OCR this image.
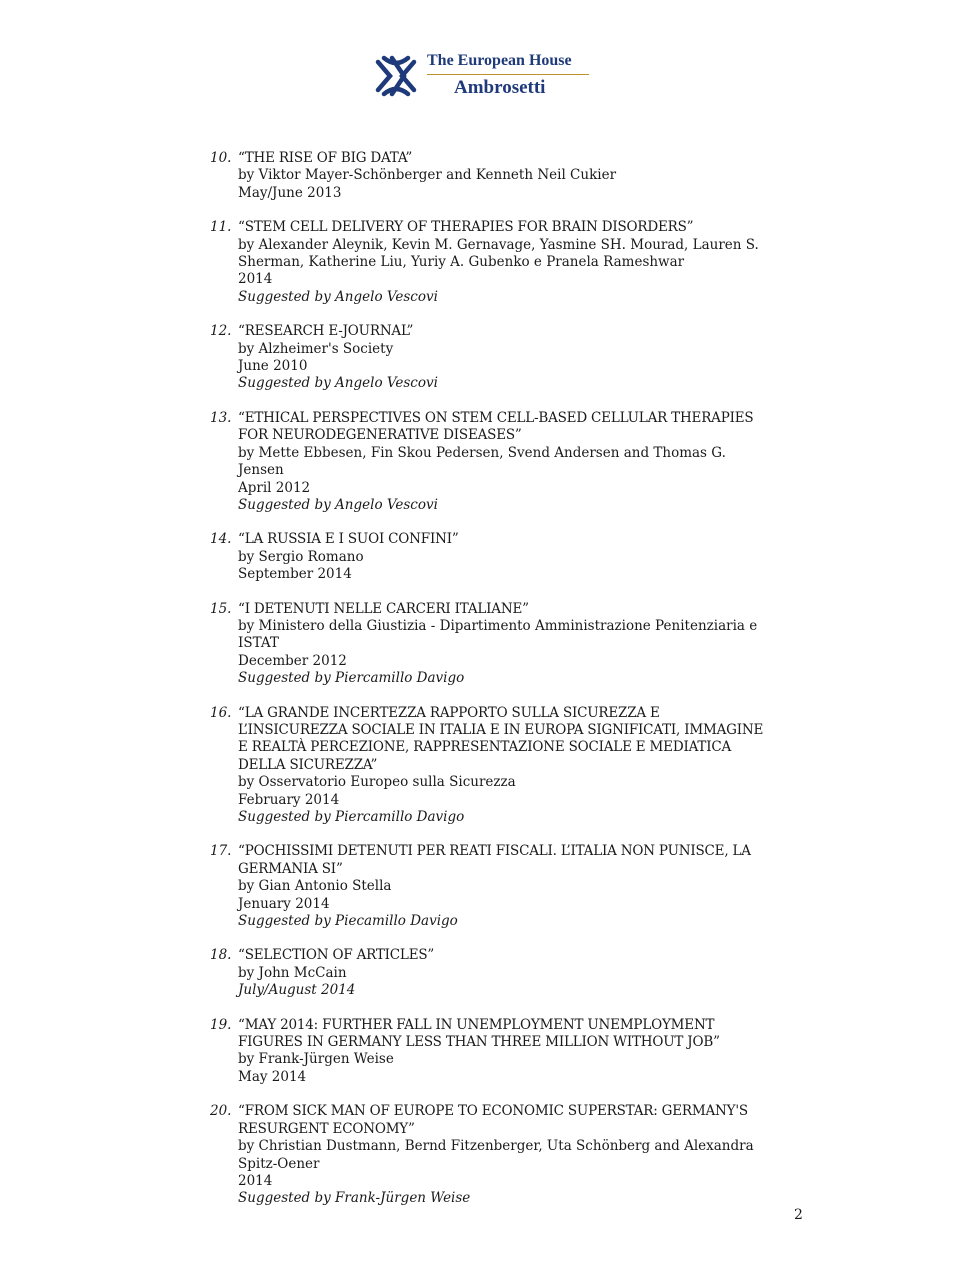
The European House
Ambrosetti
10. “THE RISE OF BIG DATA”
by Viktor Mayer-Schönberger and Kenneth Neil Cukier
May/June 2013
11. “STEM CELL DELIVERY OF THERAPIES FOR BRAIN DISORDERS”
by Alexander Aleynik, Kevin M. Gernavage, Yasmine SH. Mourad, Lauren S. Sherman, Katherine Liu, Yuriy A. Gubenko e Pranela Rameshwar
2014
Suggested by Angelo Vescovi
12. “RESEARCH E-JOURNAL”
by Alzheimer's Society
June 2010
Suggested by Angelo Vescovi
13. “ETHICAL PERSPECTIVES ON STEM CELL-BASED CELLULAR THERAPIES FOR NEURODEGENERATIVE DISEASES”
by Mette Ebbesen, Fin Skou Pedersen, Svend Andersen and Thomas G. Jensen
April 2012
Suggested by Angelo Vescovi
14. “LA RUSSIA E I SUOI CONFINI”
by Sergio Romano
September 2014
15. “I DETENUTI NELLE CARCERI ITALIANE”
by Ministero della Giustizia - Dipartimento Amministrazione Penitenziaria e ISTAT
December 2012
Suggested by Piercamillo Davigo
16. “LA GRANDE INCERTEZZA RAPPORTO SULLA SICUREZZA E L’INSICUREZZA SOCIALE IN ITALIA E IN EUROPA SIGNIFICATI, IMMAGINE E REALTÀ PERCEZIONE, RAPPRESENTAZIONE SOCIALE E MEDIATICA DELLA SICUREZZA”
by Osservatorio Europeo sulla Sicurezza
February 2014
Suggested by Piercamillo Davigo
17. “POCHISSIMI DETENUTI PER REATI FISCALI. L’ITALIA NON PUNISCE, LA GERMANIA SI”
by Gian Antonio Stella
Jenuary 2014
Suggested by Piecamillo Davigo
18. “SELECTION OF ARTICLES”
by John McCain
July/August 2014
19. “MAY 2014: FURTHER FALL IN UNEMPLOYMENT UNEMPLOYMENT FIGURES IN GERMANY LESS THAN THREE MILLION WITHOUT JOB”
by Frank-Jürgen Weise
May 2014
20. “FROM SICK MAN OF EUROPE TO ECONOMIC SUPERSTAR: GERMANY'S RESURGENT ECONOMY”
by Christian Dustmann, Bernd Fitzenberger, Uta Schönberg and Alexandra Spitz-Oener
2014
Suggested by Frank-Jürgen Weise
2
